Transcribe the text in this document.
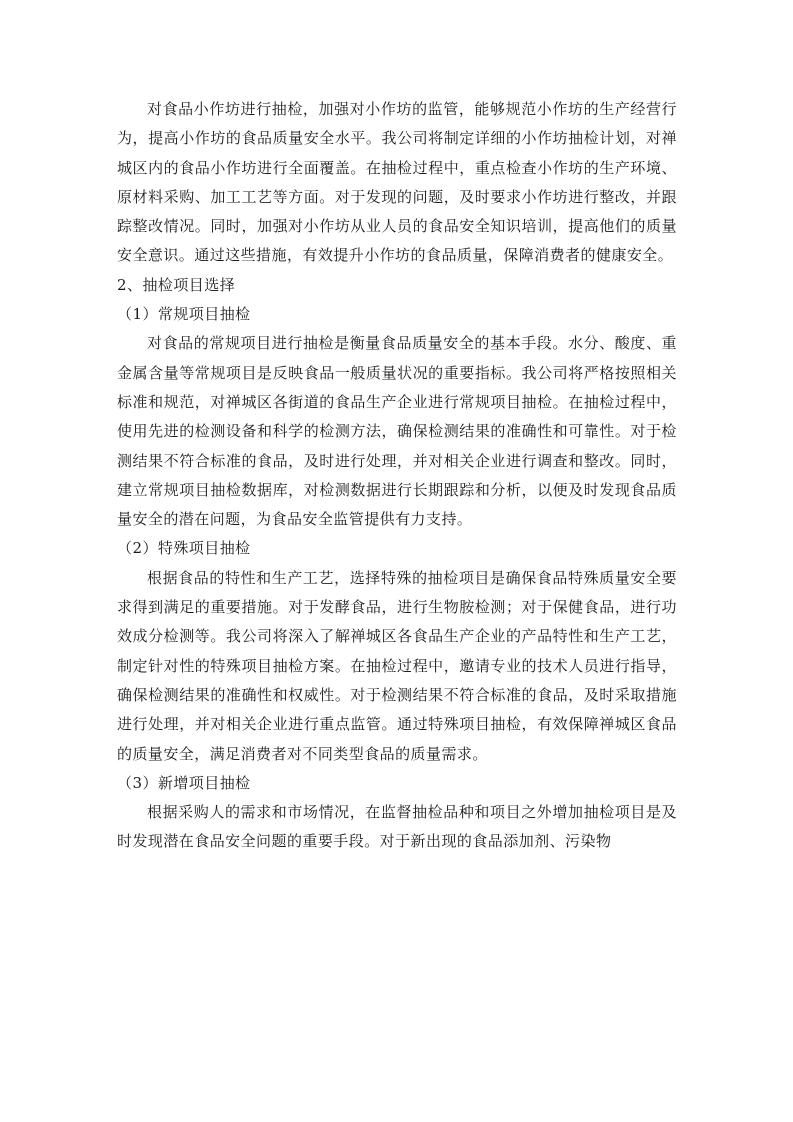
对食品小作坊进行抽检，加强对小作坊的监管，能够规范小作坊的生产经营行为，提高小作坊的食品质量安全水平。我公司将制定详细的小作坊抽检计划，对禅城区内的食品小作坊进行全面覆盖。在抽检过程中，重点检查小作坊的生产环境、原材料采购、加工工艺等方面。对于发现的问题，及时要求小作坊进行整改，并跟踪整改情况。同时，加强对小作坊从业人员的食品安全知识培训，提高他们的质量安全意识。通过这些措施，有效提升小作坊的食品质量，保障消费者的健康安全。

2、抽检项目选择

（1）常规项目抽检

对食品的常规项目进行抽检是衡量食品质量安全的基本手段。水分、酸度、重金属含量等常规项目是反映食品一般质量状况的重要指标。我公司将严格按照相关标准和规范，对禅城区各街道的食品生产企业进行常规项目抽检。在抽检过程中，使用先进的检测设备和科学的检测方法，确保检测结果的准确性和可靠性。对于检测结果不符合标准的食品，及时进行处理，并对相关企业进行调查和整改。同时，建立常规项目抽检数据库，对检测数据进行长期跟踪和分析，以便及时发现食品质量安全的潜在问题，为食品安全监管提供有力支持。

（2）特殊项目抽检

根据食品的特性和生产工艺，选择特殊的抽检项目是确保食品特殊质量安全要求得到满足的重要措施。对于发酵食品，进行生物胺检测；对于保健食品，进行功效成分检测等。我公司将深入了解禅城区各食品生产企业的产品特性和生产工艺，制定针对性的特殊项目抽检方案。在抽检过程中，邀请专业的技术人员进行指导，确保检测结果的准确性和权威性。对于检测结果不符合标准的食品，及时采取措施进行处理，并对相关企业进行重点监管。通过特殊项目抽检，有效保障禅城区食品的质量安全，满足消费者对不同类型食品的质量需求。

（3）新增项目抽检

根据采购人的需求和市场情况，在监督抽检品种和项目之外增加抽检项目是及时发现潜在食品安全问题的重要手段。对于新出现的食品添加剂、污染物
